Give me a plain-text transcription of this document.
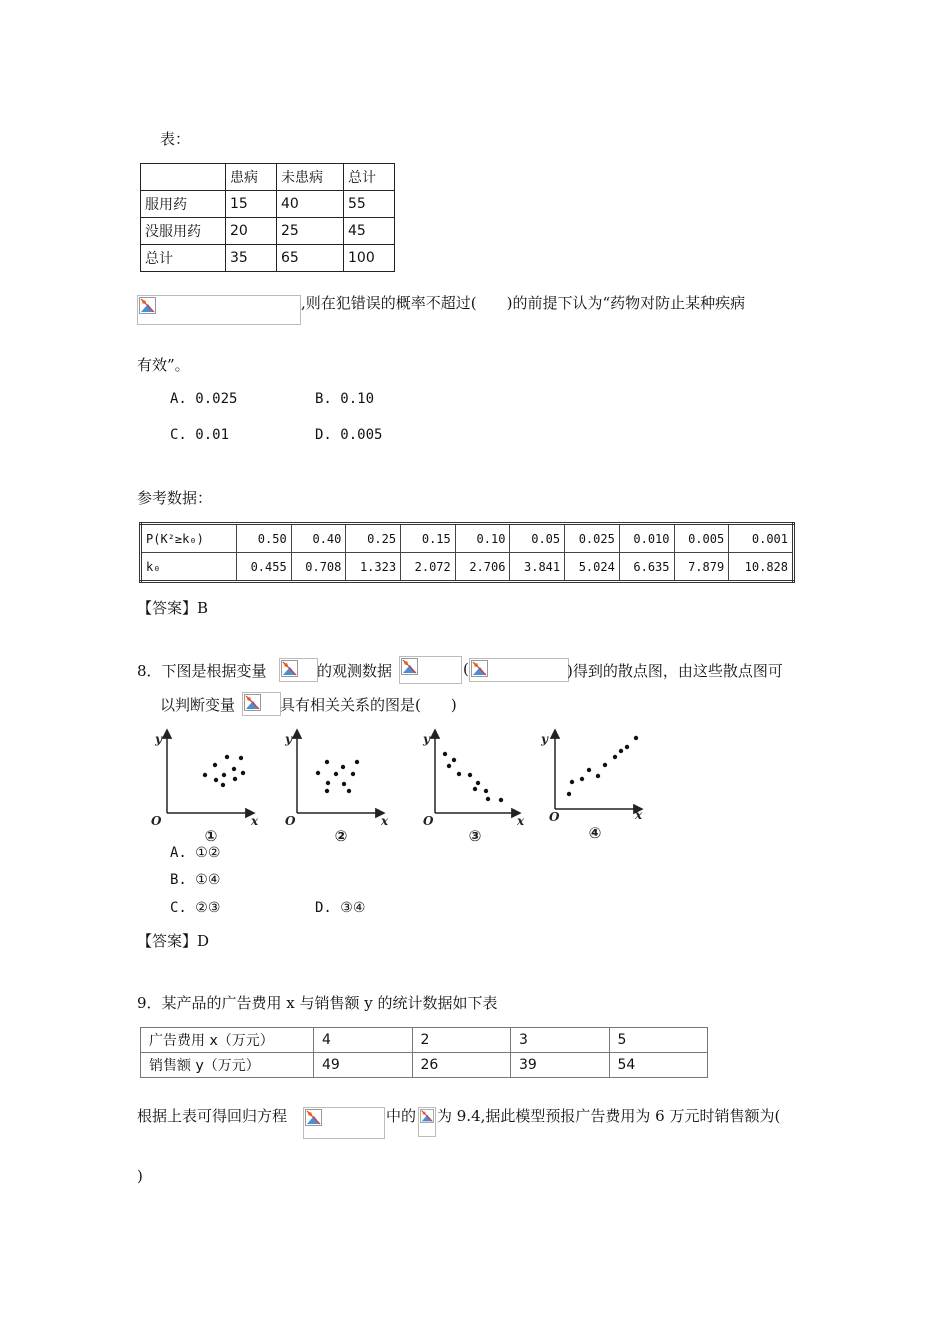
表：
	患病	未患病	总计
服用药	15	40	55
没服用药	20	25	45
总计	35	65	100
,则在犯错误的概率不超过(　　)的前提下认为“药物对防止某种疾病
有效”。
A. 0.025	B. 0.10
C. 0.01	D. 0.005
参考数据：
P(K²≥k₀)	0.50	0.40	0.25	0.15	0.10	0.05	0.025	0.010	0.005	0.001
k₀	0.455	0.708	1.323	2.072	2.706	3.841	5.024	6.635	7.879	10.828
【答案】B
8．下图是根据变量	的观测数据	(	)得到的散点图，由这些散点图可
以判断变量	具有相关关系的图是(　　)
y
x
O
y
x
O
y
x
O
y
x
O
①	②	③	④
A. ①②
B. ①④
C. ②③	D. ③④
【答案】D
9．某产品的广告费用 x 与销售额 y 的统计数据如下表
广告费用 x（万元）	4	2	3	5
销售额 y（万元）	49	26	39	54
根据上表可得回归方程	中的 为 9.4,据此模型预报广告费用为 6 万元时销售额为(
)
